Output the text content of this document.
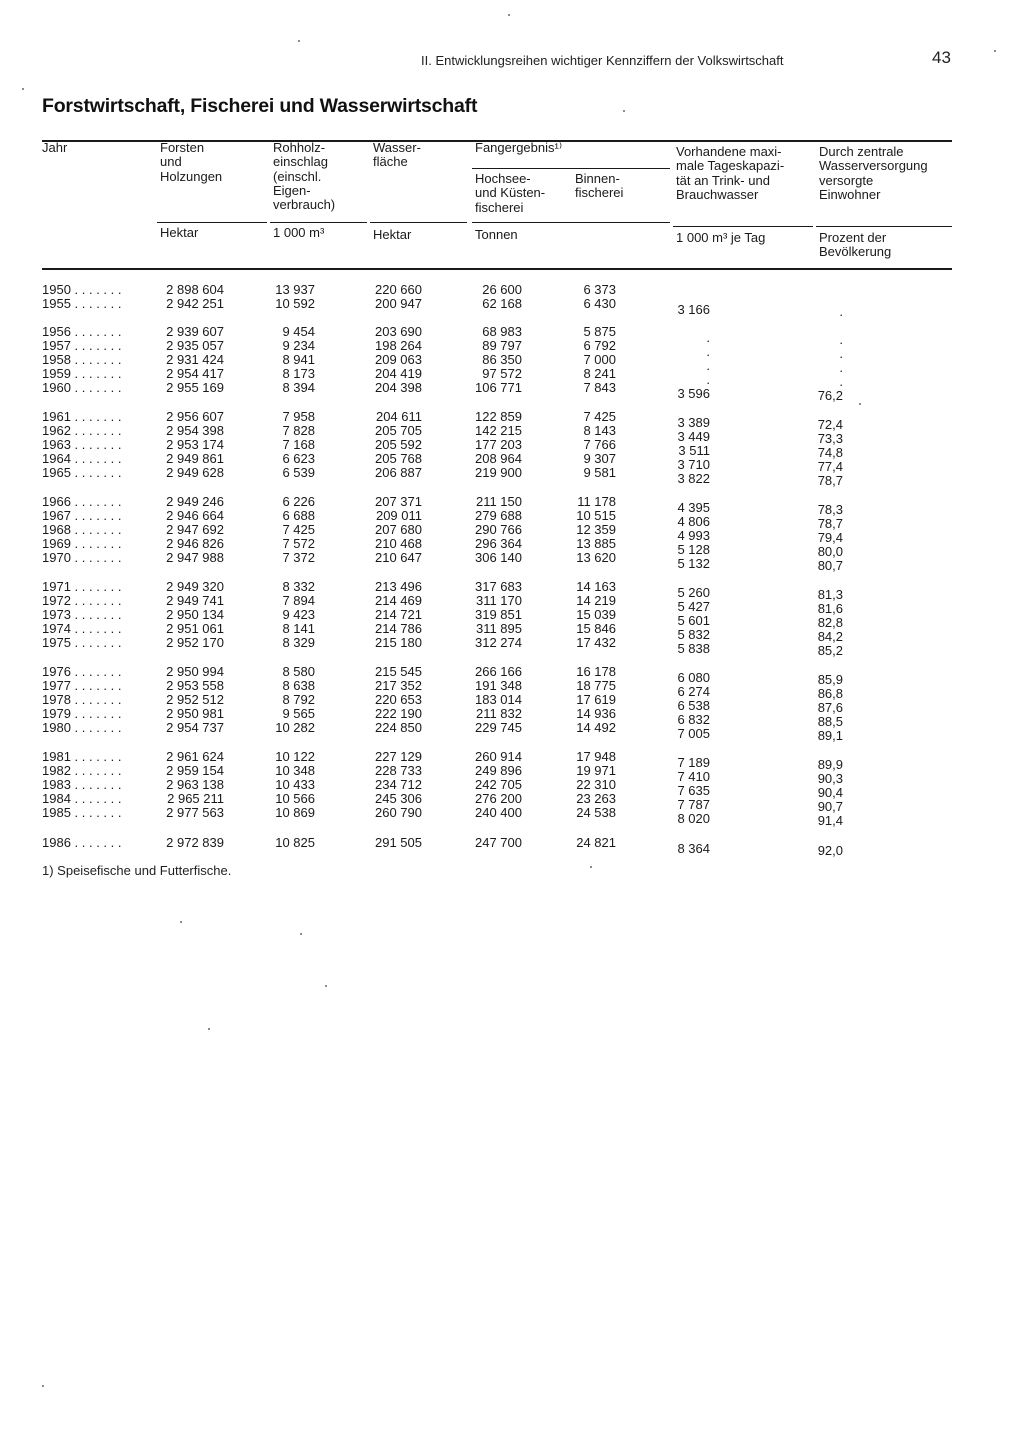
II. Entwicklungsreihen wichtiger Kennziffern der Volkswirtschaft	43
Forstwirtschaft, Fischerei und Wasserwirtschaft
Jahr	Forsten
und
Holzungen
Rohholz-
einschlag
(einschl.
Eigen-
verbrauch)
Wasser-
fläche
Fangergebnis¹⁾
Hochsee-
und Küsten-
fischerei
Binnen-
fischerei
Vorhandene maxi-
male Tageskapazi-
tät an Trink- und
Brauchwasser
Durch zentrale
Wasserversorgung
versorgte
Einwohner
Hektar	1 000 m³	Hektar	Tonnen	1 000 m³ je Tag	Prozent der
Bevölkerung
1950 . . . . . . .	2 898 604	13 937	220 660	26 600	6 373
1955 . . . . . . .	2 942 251	10 592	200 947	62 168	6 430	3 166	.
1956 . . . . . . .	2 939 607	9 454	203 690	68 983	5 875	.	.
1957 . . . . . . .	2 935 057	9 234	198 264	89 797	6 792	.	.
1958 . . . . . . .	2 931 424	8 941	209 063	86 350	7 000	.	.
1959 . . . . . . .	2 954 417	8 173	204 419	97 572	8 241	.	.
1960 . . . . . . .	2 955 169	8 394	204 398	106 771	7 843	3 596	76,2
1961 . . . . . . .	2 956 607	7 958	204 611	122 859	7 425	3 389	72,4
1962 . . . . . . .	2 954 398	7 828	205 705	142 215	8 143	3 449	73,3
1963 . . . . . . .	2 953 174	7 168	205 592	177 203	7 766	3 511	74,8
1964 . . . . . . .	2 949 861	6 623	205 768	208 964	9 307	3 710	77,4
1965 . . . . . . .	2 949 628	6 539	206 887	219 900	9 581	3 822	78,7
1966 . . . . . . .	2 949 246	6 226	207 371	211 150	11 178	4 395	78,3
1967 . . . . . . .	2 946 664	6 688	209 011	279 688	10 515	4 806	78,7
1968 . . . . . . .	2 947 692	7 425	207 680	290 766	12 359	4 993	79,4
1969 . . . . . . .	2 946 826	7 572	210 468	296 364	13 885	5 128	80,0
1970 . . . . . . .	2 947 988	7 372	210 647	306 140	13 620	5 132	80,7
1971 . . . . . . .	2 949 320	8 332	213 496	317 683	14 163	5 260	81,3
1972 . . . . . . .	2 949 741	7 894	214 469	311 170	14 219	5 427	81,6
1973 . . . . . . .	2 950 134	9 423	214 721	319 851	15 039	5 601	82,8
1974 . . . . . . .	2 951 061	8 141	214 786	311 895	15 846	5 832	84,2
1975 . . . . . . .	2 952 170	8 329	215 180	312 274	17 432	5 838	85,2
1976 . . . . . . .	2 950 994	8 580	215 545	266 166	16 178	6 080	85,9
1977 . . . . . . .	2 953 558	8 638	217 352	191 348	18 775	6 274	86,8
1978 . . . . . . .	2 952 512	8 792	220 653	183 014	17 619	6 538	87,6
1979 . . . . . . .	2 950 981	9 565	222 190	211 832	14 936	6 832	88,5
1980 . . . . . . .	2 954 737	10 282	224 850	229 745	14 492	7 005	89,1
1981 . . . . . . .	2 961 624	10 122	227 129	260 914	17 948	7 189	89,9
1982 . . . . . . .	2 959 154	10 348	228 733	249 896	19 971	7 410	90,3
1983 . . . . . . .	2 963 138	10 433	234 712	242 705	22 310	7 635	90,4
1984 . . . . . . .	2 965 211	10 566	245 306	276 200	23 263	7 787	90,7
1985 . . . . . . .	2 977 563	10 869	260 790	240 400	24 538	8 020	91,4
1986 . . . . . . .	2 972 839	10 825	291 505	247 700	24 821	8 364	92,0
1) Speisefische und Futterfische.
